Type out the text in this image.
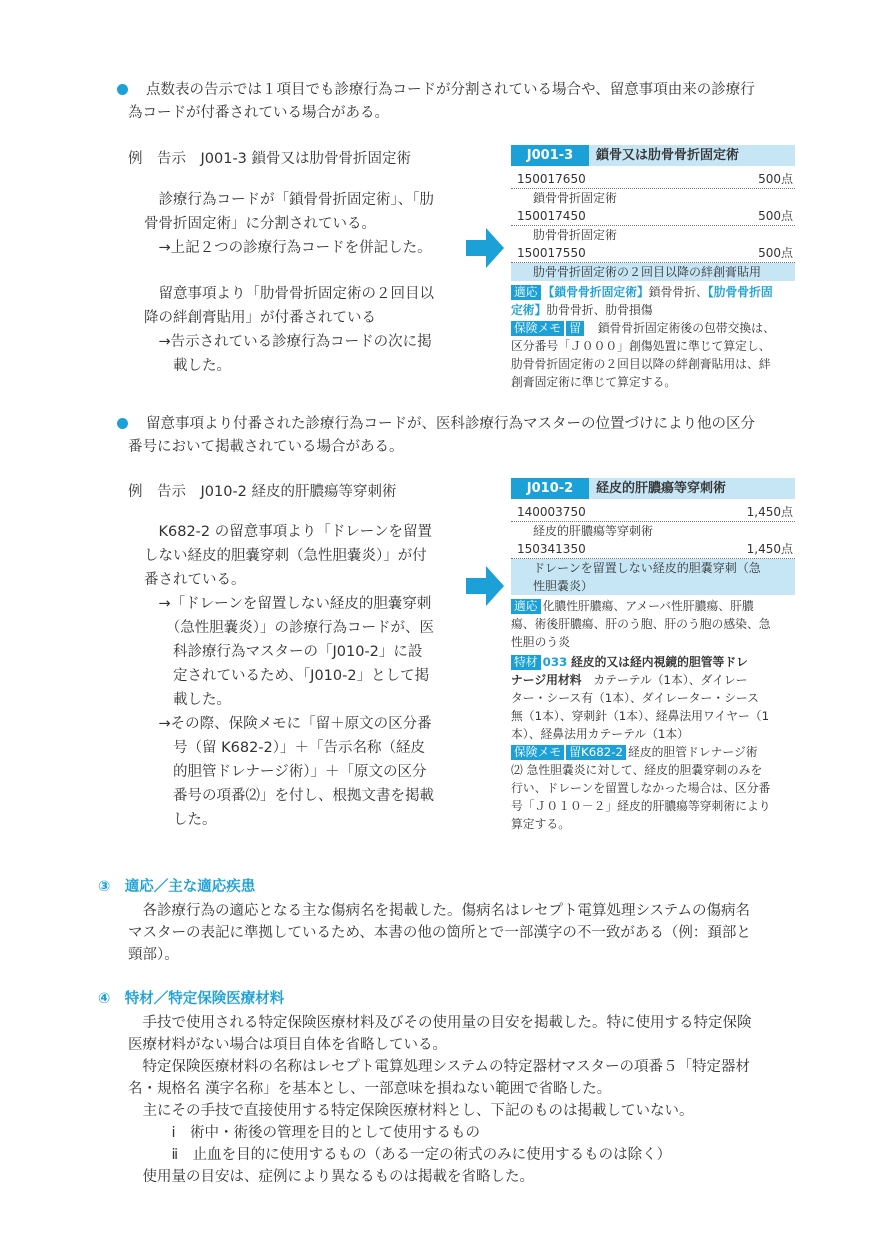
点数表の告示では１項目でも診療行為コードが分割されている場合や、留意事項由来の診療行
為コードが付番されている場合がある。
例　告示　J001-3 鎖骨又は肋骨骨折固定術
　診療行為コードが「鎖骨骨折固定術」、「肋
骨骨折固定術」に分割されている。
　→上記２つの診療行為コードを併記した。
　留意事項より「肋骨骨折固定術の２回目以
降の絆創膏貼用」が付番されている
　→告示されている診療行為コードの次に掲
　　載した。
J001-3 鎖骨又は肋骨骨折固定術
150017650	500点
鎖骨骨折固定術
150017450	500点
肋骨骨折固定術
150017550	500点
肋骨骨折固定術の２回目以降の絆創膏貼用
適応 【鎖骨骨折固定術】鎖骨骨折、【肋骨骨折固
定術】肋骨骨折、肋骨損傷
保険メモ 留　鎖骨骨折固定術後の包帯交換は、
区分番号「Ｊ０００」創傷処置に準じて算定し、
肋骨骨折固定術の２回目以降の絆創膏貼用は、絆
創膏固定術に準じて算定する。
留意事項より付番された診療行為コードが、医科診療行為マスターの位置づけにより他の区分
番号において掲載されている場合がある。
例　告示　J010-2 経皮的肝膿瘍等穿刺術
　K682-2 の留意事項より「ドレーンを留置
しない経皮的胆嚢穿刺（急性胆嚢炎）」が付
番されている。
　→「ドレーンを留置しない経皮的胆嚢穿刺
　　（急性胆嚢炎）」の診療行為コードが、医
　　科診療行為マスターの「J010-2」に設
　　定されているため、「J010-2」として掲
　　載した。
　→その際、保険メモに「留＋原文の区分番
　　号（留 K682-2）」＋「告示名称（経皮
　　的胆管ドレナージ術）」＋「原文の区分
　　番号の項番⑵」を付し、根拠文書を掲載
　　した。
J010-2 経皮的肝膿瘍等穿刺術
140003750	1,450点
経皮的肝膿瘍等穿刺術
150341350	1,450点
ドレーンを留置しない経皮的胆嚢穿刺（急
性胆嚢炎）
適応 化膿性肝膿瘍、アメーバ性肝膿瘍、肝膿
瘍、術後肝膿瘍、肝のう胞、肝のう胞の感染、急
性胆のう炎
特材 033 経皮的又は経内視鏡的胆管等ドレ
ナージ用材料　カテーテル（1本）、ダイレー
ター・シース有（1本）、ダイレーター・シース
無（1本）、穿刺針（1本）、経鼻法用ワイヤー（1
本）、経鼻法用カテーテル（1本）
保険メモ 留K682-2 経皮的胆管ドレナージ術
⑵ 急性胆嚢炎に対して、経皮的胆嚢穿刺のみを
行い、ドレーンを留置しなかった場合は、区分番
号「Ｊ０１０－２」経皮的肝膿瘍等穿刺術により
算定する。
③　 適応／主な適応疾患
　各診療行為の適応となる主な傷病名を掲載した。傷病名はレセプト電算処理システムの傷病名
マスターの表記に準拠しているため、本書の他の箇所とで一部漢字の不一致がある（例：頚部と
頸部）。
④　 特材／特定保険医療材料
　手技で使用される特定保険医療材料及びその使用量の目安を掲載した。特に使用する特定保険
医療材料がない場合は項目自体を省略している。
　特定保険医療材料の名称はレセプト電算処理システムの特定器材マスターの項番５「特定器材
名・規格名 漢字名称」を基本とし、一部意味を損ねない範囲で省略した。
　主にその手技で直接使用する特定保険医療材料とし、下記のものは掲載していない。
　　　ⅰ　術中・術後の管理を目的として使用するもの
　　　ⅱ　止血を目的に使用するもの（ある一定の術式のみに使用するものは除く）
　使用量の目安は、症例により異なるものは掲載を省略した。
